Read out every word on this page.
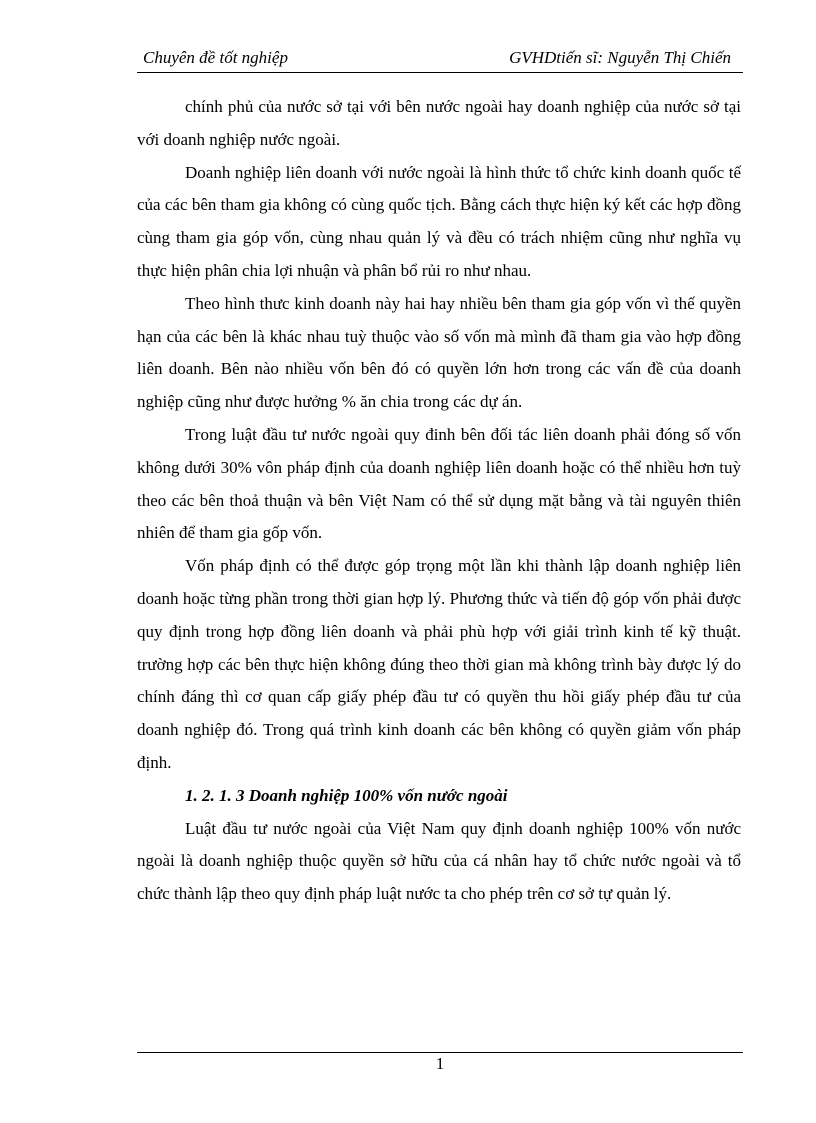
Chuyên đề tốt nghiệp	GVHDtiến sĩ: Nguyễn Thị Chiến

chính phủ của nước sở tại với bên nước ngoài hay doanh nghiệp của nước sở tại với doanh nghiệp nước ngoài.

Doanh nghiệp liên doanh với nước ngoài là hình thức tổ chức kinh doanh quốc tế của các bên tham gia không có cùng quốc tịch. Bằng cách thực hiện ký kết các hợp đồng cùng tham gia góp vốn, cùng nhau quản lý và đều có trách nhiệm cũng như nghĩa vụ thực hiện phân chia lợi nhuận và phân bổ rủi ro như nhau.

Theo hình thưc kinh doanh này hai hay nhiều bên tham gia góp vốn vì thế quyền hạn của các bên là khác nhau tuỳ thuộc vào số vốn mà mình đã tham gia vào hợp đồng liên doanh. Bên nào nhiều vốn bên đó có quyền lớn hơn trong các vấn đề của doanh nghiệp cũng như được hưởng % ăn chia trong các dự án.

Trong luật đầu tư nước ngoài quy đinh bên đối tác liên doanh phải đóng số vốn không dưới 30% vôn pháp định của doanh nghiệp liên doanh hoặc có thể nhiều hơn tuỳ theo các bên thoả thuận và bên Việt Nam có thể sử dụng mặt bằng và tài nguyên thiên nhiên để tham gia gốp vốn.

Vốn pháp định có thể được góp trọng một lần khi thành lập doanh nghiệp liên doanh hoặc từng phần trong thời gian hợp lý. Phương thức và tiến độ góp vốn phải được quy định trong hợp đồng liên doanh và phải phù hợp với giải trình kinh tế kỹ thuật. trường hợp các bên thực hiện không đúng theo thời gian mà không trình bày được lý do chính đáng thì cơ quan cấp giấy phép đầu tư có quyền thu hồi giấy phép đầu tư của doanh nghiệp đó. Trong quá trình kinh doanh các bên không có quyền giảm vốn pháp định.

1. 2. 1. 3 Doanh nghiệp 100% vốn nước ngoài

Luật đầu tư nước ngoài của Việt Nam quy định doanh nghiệp 100% vốn nước ngoài là doanh nghiệp thuộc quyền sở hữu của cá nhân hay tổ chức nước ngoài và tổ chức thành lập theo quy định pháp luật nước ta cho phép trên cơ sở tự quản lý.

1
